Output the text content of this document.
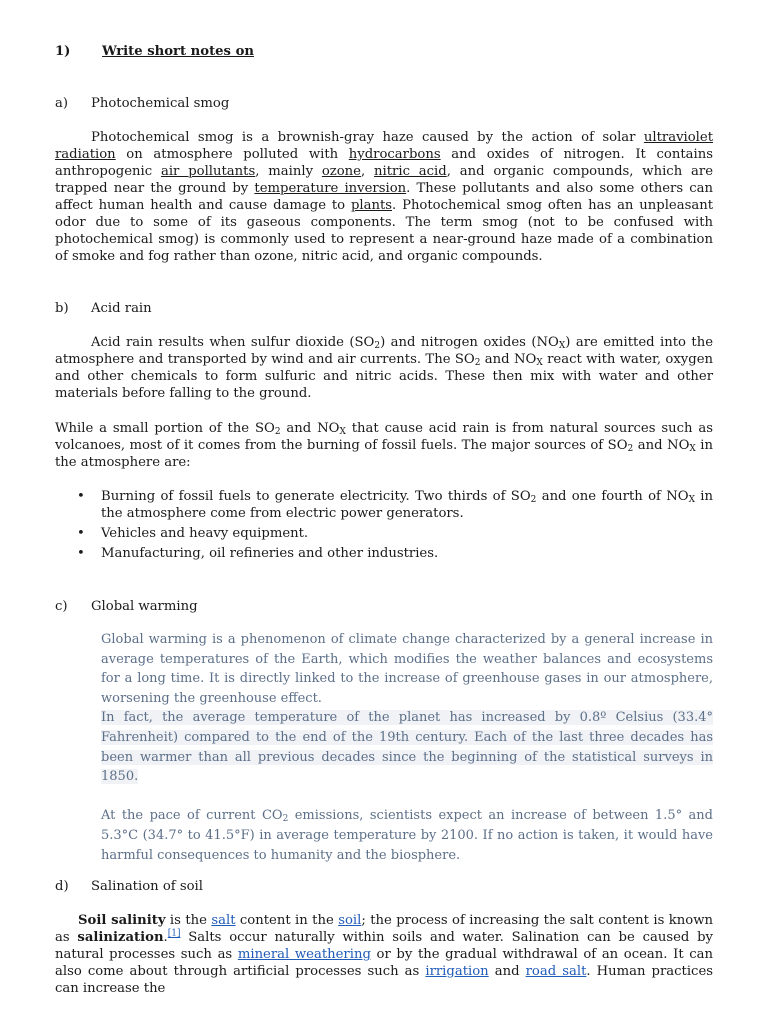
1)	Write short notes on
a)	Photochemical smog

Photochemical smog is a brownish-gray haze caused by the action of solar ultraviolet radiation on atmosphere polluted with hydrocarbons and oxides of nitrogen. It contains anthropogenic air pollutants, mainly ozone, nitric acid, and organic compounds, which are trapped near the ground by temperature inversion. These pollutants and also some others can affect human health and cause damage to plants. Photochemical smog often has an unpleasant odor due to some of its gaseous components. The term smog (not to be confused with photochemical smog) is commonly used to represent a near-ground haze made of a combination of smoke and fog rather than ozone, nitric acid, and organic compounds.

b)	Acid rain

Acid rain results when sulfur dioxide $(SO_2)$ and nitrogen oxides $(NO_X)$ are emitted into the atmosphere and transported by wind and air currents. The $SO_2$ and $NO_X$ react with water, oxygen and other chemicals to form sulfuric and nitric acids. These then mix with water and other materials before falling to the ground.

While a small portion of the $SO_2$ and $NO_X$ that cause acid rain is from natural sources such as volcanoes, most of it comes from the burning of fossil fuels. The major sources of $SO_2$ and $NO_X$ in the atmosphere are:

• Burning of fossil fuels to generate electricity. Two thirds of $SO_2$ and one fourth of $NO_X$ in the atmosphere come from electric power generators.
• Vehicles and heavy equipment.
• Manufacturing, oil refineries and other industries.
c)	Global warming
Global warming is a phenomenon of climate change characterized by a general increase in average temperatures of the Earth, which modifies the weather balances and ecosystems for a long time. It is directly linked to the increase of greenhouse gases in our atmosphere, worsening the greenhouse effect.
In fact, the average temperature of the planet has increased by 0.8º Celsius (33.4° Fahrenheit) compared to the end of the 19th century. Each of the last three decades has been warmer than all previous decades since the beginning of the statistical surveys in 1850.
At the pace of current $CO_2$ emissions, scientists expect an increase of between 1.5° and 5.3°C (34.7° to 41.5°F) in average temperature by 2100. If no action is taken, it would have harmful consequences to humanity and the biosphere.
d)	Salination of soil

Soil salinity is the salt content in the soil; the process of increasing the salt content is known as salinization.[1] Salts occur naturally within soils and water. Salination can be caused by natural processes such as mineral weathering or by the gradual withdrawal of an ocean. It can also come about through artificial processes such as irrigation and road salt. Human practices can increase the
